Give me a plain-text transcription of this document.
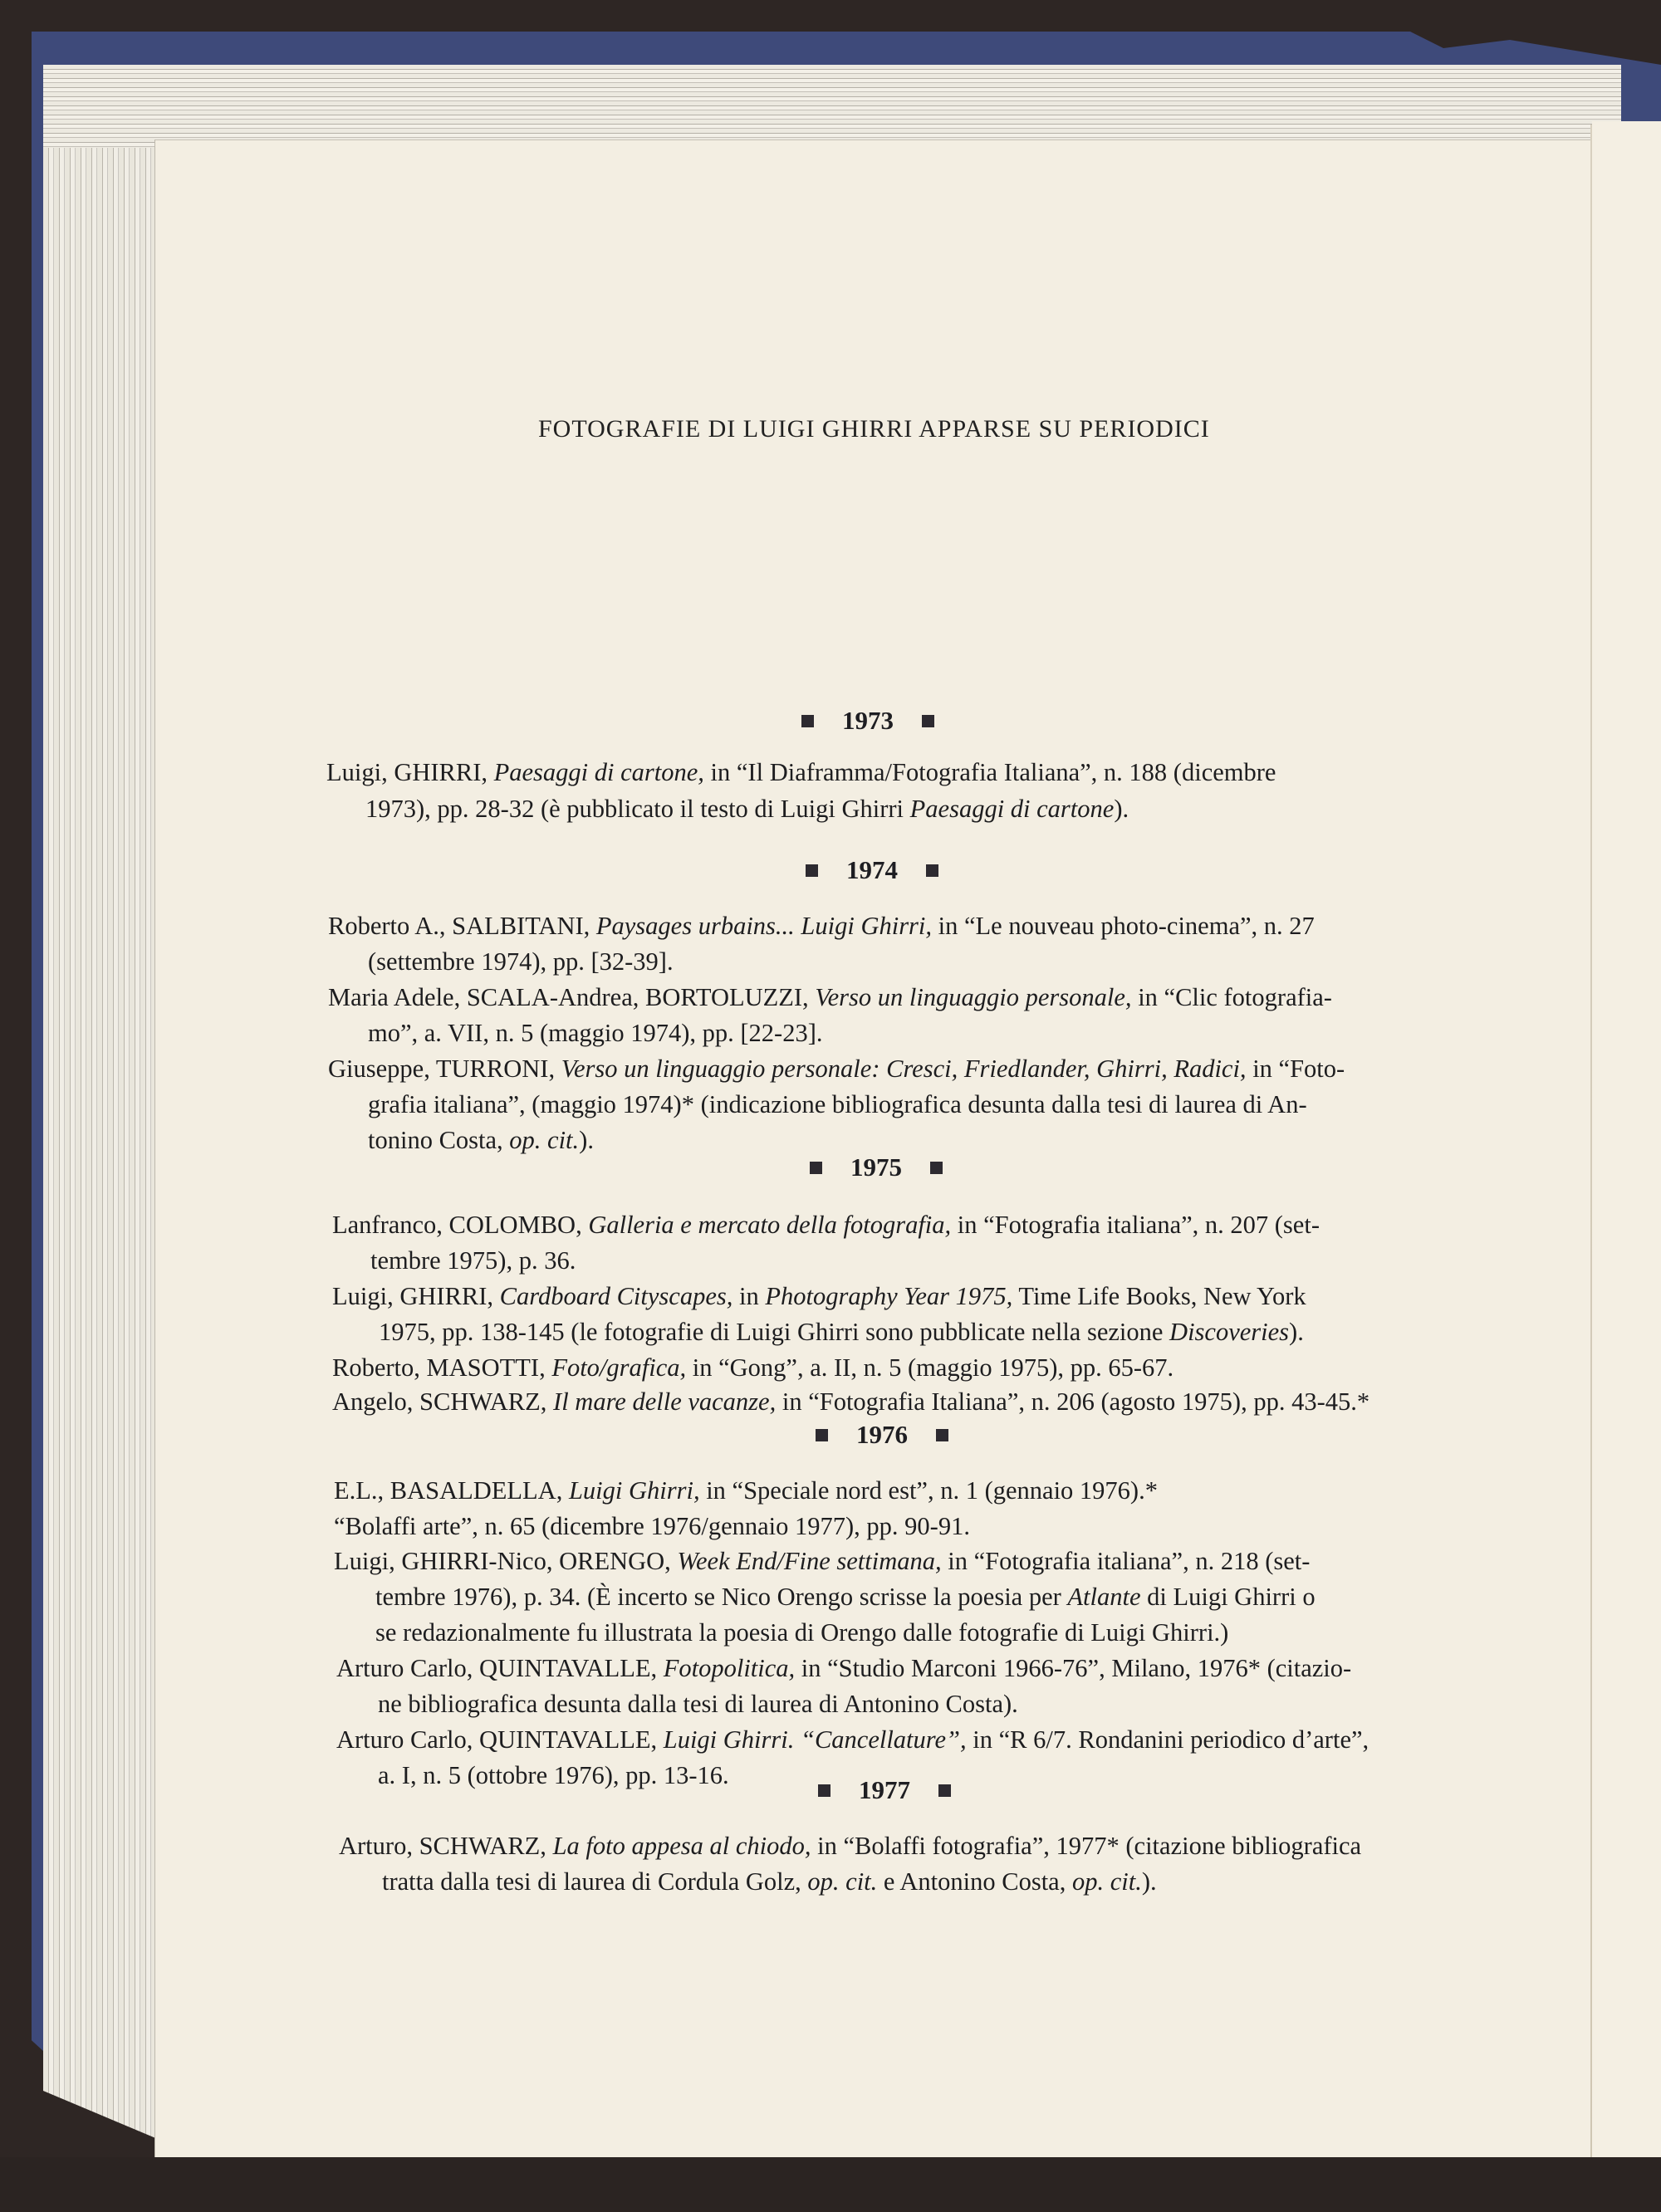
FOTOGRAFIE DI LUIGI GHIRRI APPARSE SU PERIODICI
1973
Luigi, GHIRRI, Paesaggi di cartone, in “Il Diaframma/Fotografia Italiana”, n. 188 (dicembre
1973), pp. 28-32 (è pubblicato il testo di Luigi Ghirri Paesaggi di cartone).
1974
Roberto A., SALBITANI, Paysages urbains... Luigi Ghirri, in “Le nouveau photo-cinema”, n. 27
(settembre 1974), pp. [32-39].
Maria Adele, SCALA-Andrea, BORTOLUZZI, Verso un linguaggio personale, in “Clic fotografia-
mo”, a. VII, n. 5 (maggio 1974), pp. [22-23].
Giuseppe, TURRONI, Verso un linguaggio personale: Cresci, Friedlander, Ghirri, Radici, in “Foto-
grafia italiana”, (maggio 1974)* (indicazione bibliografica desunta dalla tesi di laurea di An-
tonino Costa, op. cit.).
1975
Lanfranco, COLOMBO, Galleria e mercato della fotografia, in “Fotografia italiana”, n. 207 (set-
tembre 1975), p. 36.
Luigi, GHIRRI, Cardboard Cityscapes, in Photography Year 1975, Time Life Books, New York
1975, pp. 138-145 (le fotografie di Luigi Ghirri sono pubblicate nella sezione Discoveries).
Roberto, MASOTTI, Foto/grafica, in “Gong”, a. II, n. 5 (maggio 1975), pp. 65-67.
Angelo, SCHWARZ, Il mare delle vacanze, in “Fotografia Italiana”, n. 206 (agosto 1975), pp. 43-45.*
1976
E.L., BASALDELLA, Luigi Ghirri, in “Speciale nord est”, n. 1 (gennaio 1976).*
“Bolaffi arte”, n. 65 (dicembre 1976/gennaio 1977), pp. 90-91.
Luigi, GHIRRI-Nico, ORENGO, Week End/Fine settimana, in “Fotografia italiana”, n. 218 (set-
tembre 1976), p. 34. (È incerto se Nico Orengo scrisse la poesia per Atlante di Luigi Ghirri o
se redazionalmente fu illustrata la poesia di Orengo dalle fotografie di Luigi Ghirri.)
Arturo Carlo, QUINTAVALLE, Fotopolitica, in “Studio Marconi 1966-76”, Milano, 1976* (citazio-
ne bibliografica desunta dalla tesi di laurea di Antonino Costa).
Arturo Carlo, QUINTAVALLE, Luigi Ghirri. “Cancellature”, in “R 6/7. Rondanini periodico d’arte”,
a. I, n. 5 (ottobre 1976), pp. 13-16.	1977
Arturo, SCHWARZ, La foto appesa al chiodo, in “Bolaffi fotografia”, 1977* (citazione bibliografica
tratta dalla tesi di laurea di Cordula Golz, op. cit. e Antonino Costa, op. cit.).
